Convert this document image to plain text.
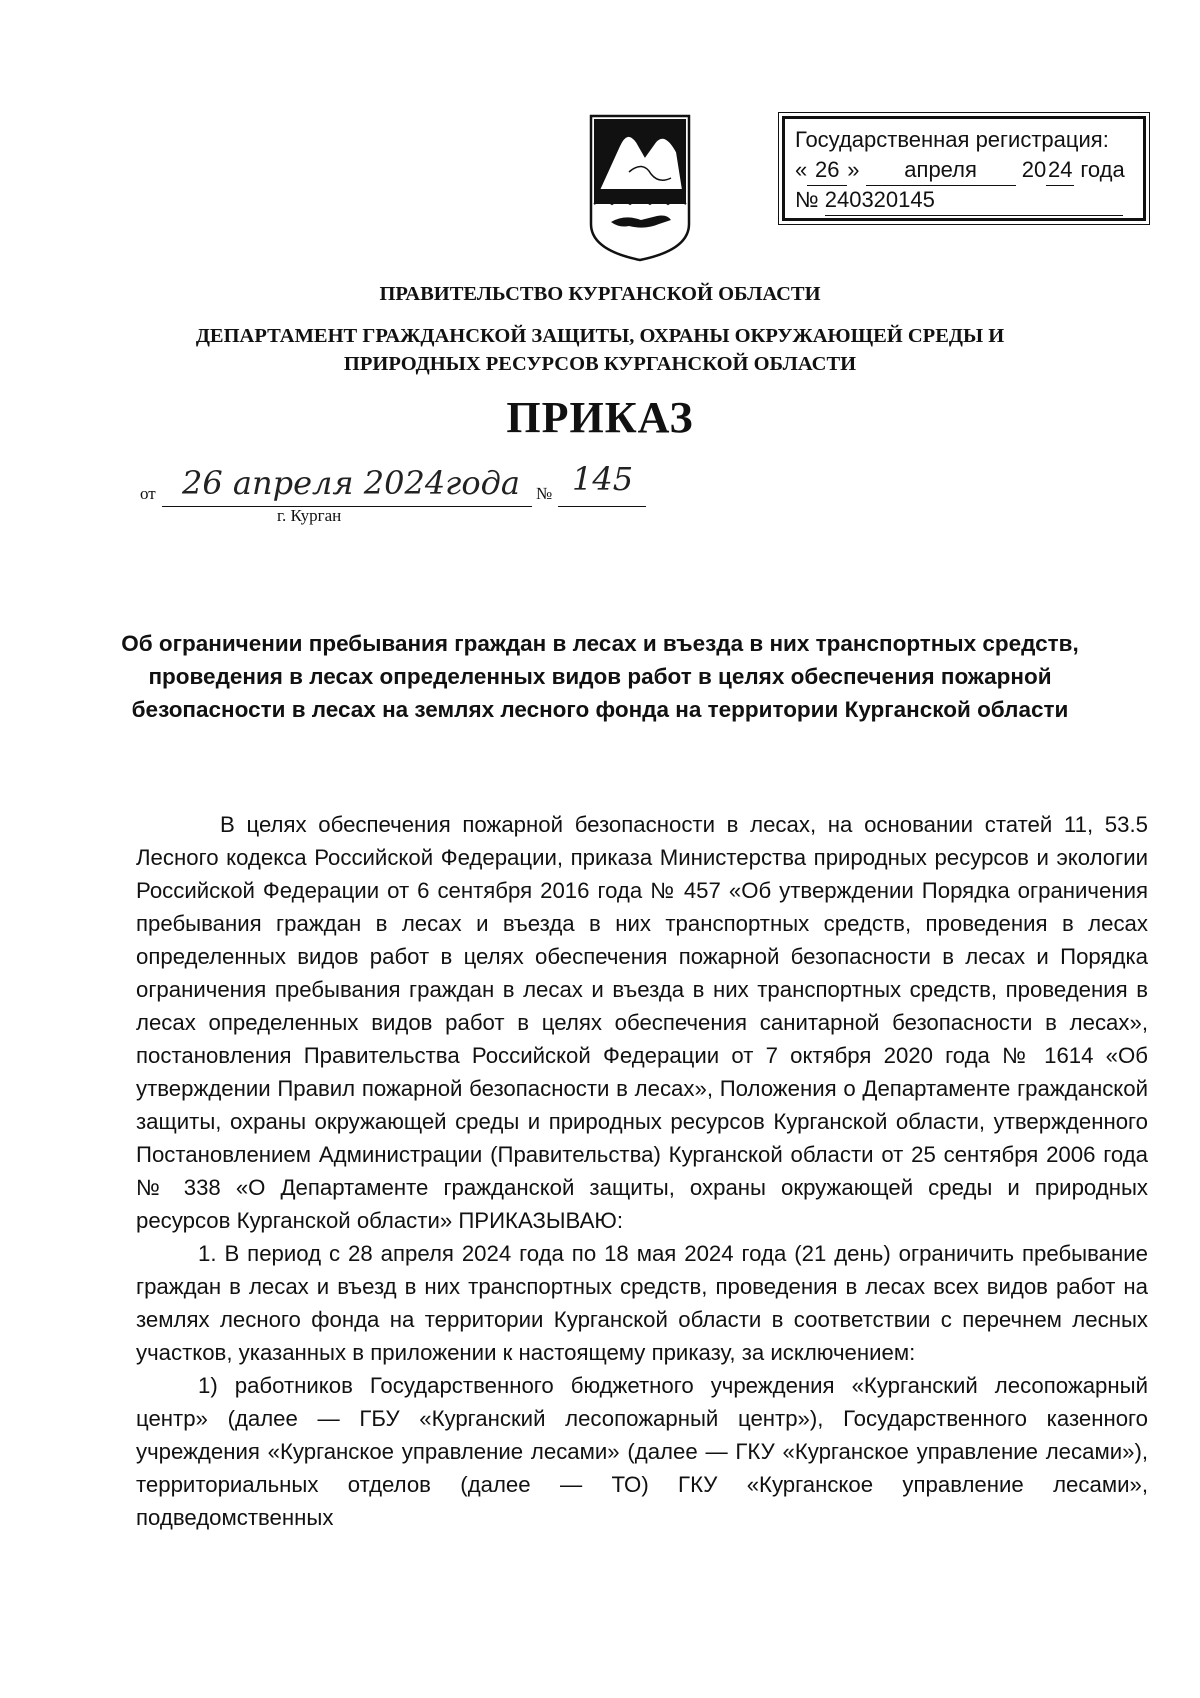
Государственная регистрация:
« 26 » апреля 2024 года
№ 240320145
ПРАВИТЕЛЬСТВО КУРГАНСКОЙ ОБЛАСТИ
ДЕПАРТАМЕНТ ГРАЖДАНСКОЙ ЗАЩИТЫ, ОХРАНЫ ОКРУЖАЮЩЕЙ СРЕДЫ И
ПРИРОДНЫХ РЕСУРСОВ КУРГАНСКОЙ ОБЛАСТИ
ПРИКАЗ
от 26 апреля 2024года № 145
г. Курган
Об ограничении пребывания граждан в лесах и въезда в них транспортных средств, проведения в лесах определенных видов работ в целях обеспечения пожарной безопасности в лесах на землях лесного фонда на территории Курганской области

В целях обеспечения пожарной безопасности в лесах, на основании статей 11, 53.5 Лесного кодекса Российской Федерации, приказа Министерства природных ресурсов и экологии Российской Федерации от 6 сентября 2016 года № 457 «Об утверждении Порядка ограничения пребывания граждан в лесах и въезда в них транспортных средств, проведения в лесах определенных видов работ в целях обеспечения пожарной безопасности в лесах и Порядка ограничения пребывания граждан в лесах и въезда в них транспортных средств, проведения в лесах определенных видов работ в целях обеспечения санитарной безопасности в лесах», постановления Правительства Российской Федерации от 7 октября 2020 года № 1614 «Об утверждении Правил пожарной безопасности в лесах», Положения о Департаменте гражданской защиты, охраны окружающей среды и природных ресурсов Курганской области, утвержденного Постановлением Администрации (Правительства) Курганской области от 25 сентября 2006 года № 338 «О Департаменте гражданской защиты, охраны окружающей среды и природных ресурсов Курганской области» ПРИКАЗЫВАЮ:

1. В период с 28 апреля 2024 года по 18 мая 2024 года (21 день) ограничить пребывание граждан в лесах и въезд в них транспортных средств, проведения в лесах всех видов работ на землях лесного фонда на территории Курганской области в соответствии с перечнем лесных участков, указанных в приложении к настоящему приказу, за исключением:

1) работников Государственного бюджетного учреждения «Курганский лесопожарный центр» (далее — ГБУ «Курганский лесопожарный центр»), Государственного казенного учреждения «Курганское управление лесами» (далее — ГКУ «Курганское управление лесами»), территориальных отделов (далее — ТО) ГКУ «Курганское управление лесами», подведомственных
